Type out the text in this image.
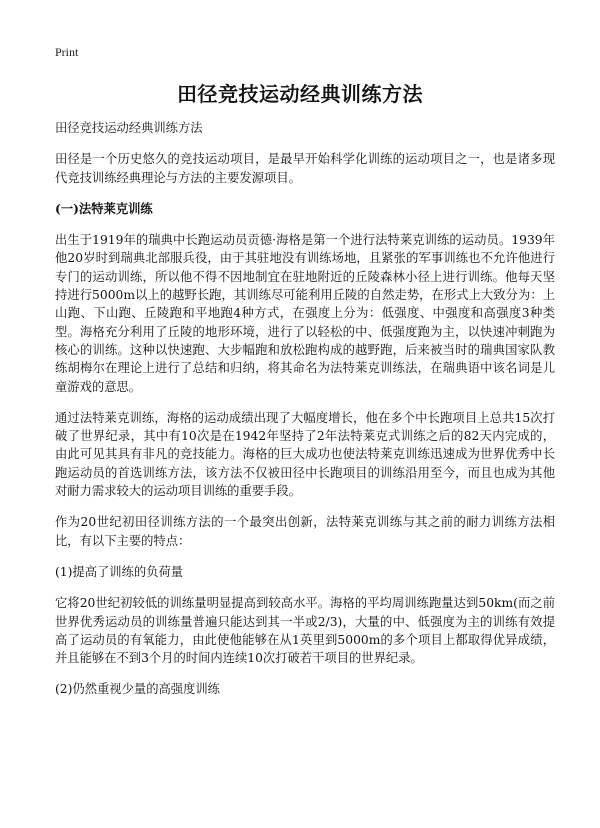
Print
田径竞技运动经典训练方法

田径竞技运动经典训练方法

田径是一个历史悠久的竞技运动项目，是最早开始科学化训练的运动项目之一，也是诸多现代竞技训练经典理论与方法的主要发源项目。

(一)法特莱克训练

出生于1919年的瑞典中长跑运动员贡德·海格是第一个进行法特莱克训练的运动员。1939年他20岁时到瑞典北部服兵役，由于其驻地没有训练场地，且紧张的军事训练也不允许他进行专门的运动训练，所以他不得不因地制宜在驻地附近的丘陵森林小径上进行训练。他每天坚持进行5000m以上的越野长跑，其训练尽可能利用丘陵的自然走势，在形式上大致分为：上山跑、下山跑、丘陵跑和平地跑4种方式，在强度上分为：低强度、中强度和高强度3种类型。海格充分利用了丘陵的地形环境，进行了以轻松的中、低强度跑为主，以快速冲刺跑为核心的训练。这种以快速跑、大步幅跑和放松跑构成的越野跑，后来被当时的瑞典国家队教练胡梅尔在理论上进行了总结和归纳，将其命名为法特莱克训练法，在瑞典语中该名词是儿童游戏的意思。

通过法特莱克训练，海格的运动成绩出现了大幅度增长，他在多个中长跑项目上总共15次打破了世界纪录，其中有10次是在1942年坚持了2年法特莱克式训练之后的82天内完成的，由此可见其具有非凡的竞技能力。海格的巨大成功也使法特莱克训练迅速成为世界优秀中长跑运动员的首选训练方法，该方法不仅被田径中长跑项目的训练沿用至今，而且也成为其他对耐力需求较大的运动项目训练的重要手段。

作为20世纪初田径训练方法的一个最突出创新，法特莱克训练与其之前的耐力训练方法相比，有以下主要的特点：

(1)提高了训练的负荷量

它将20世纪初较低的训练量明显提高到较高水平。海格的平均周训练跑量达到50km(而之前世界优秀运动员的训练量普遍只能达到其一半或2/3)，大量的中、低强度为主的训练有效提高了运动员的有氧能力，由此使他能够在从1英里到5000m的多个项目上都取得优异成绩，并且能够在不到3个月的时间内连续10次打破若干项目的世界纪录。

(2)仍然重视少量的高强度训练
